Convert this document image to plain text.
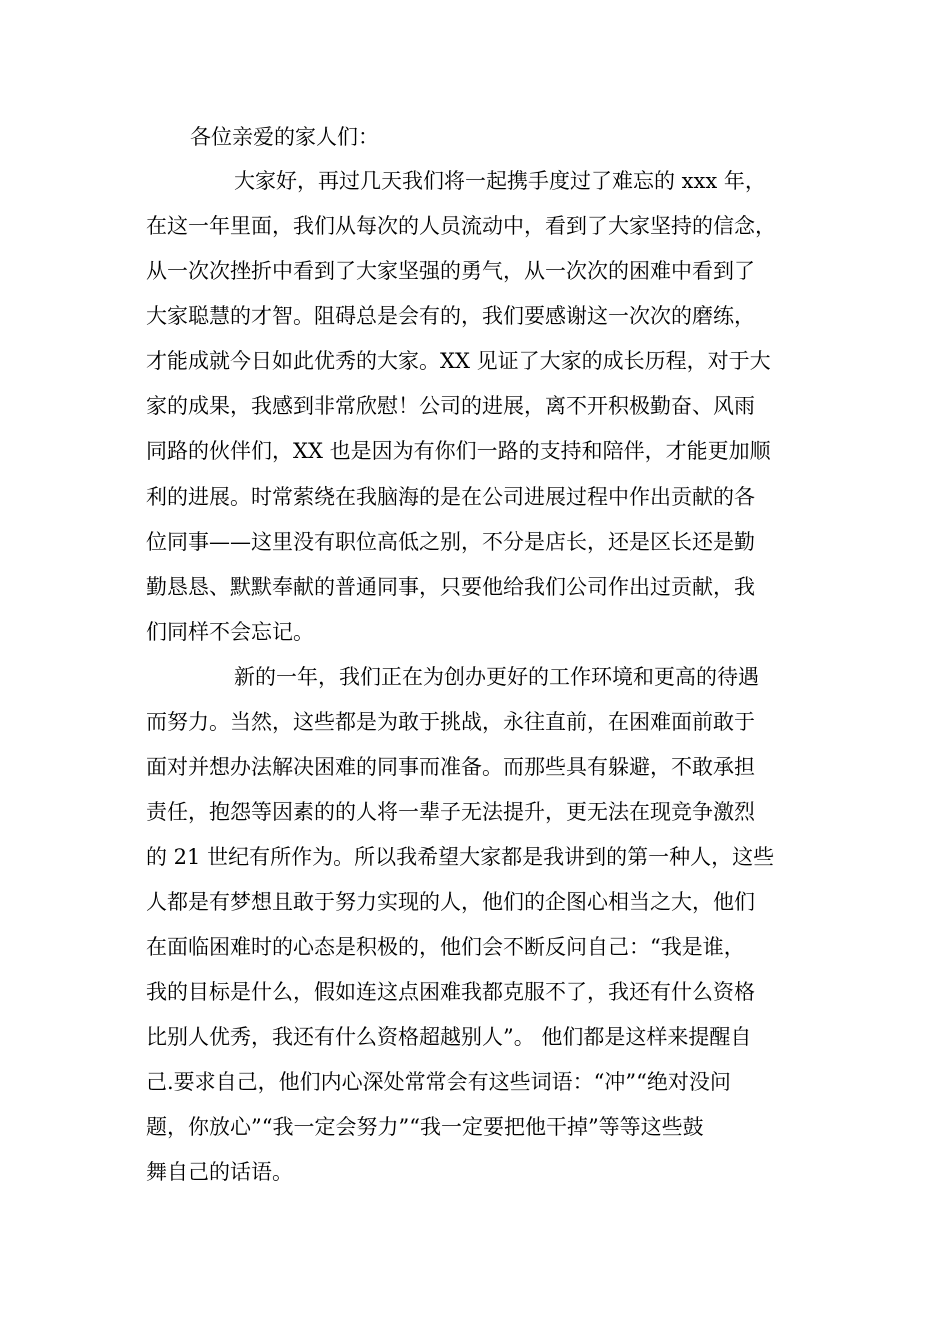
各位亲爱的家人们：
大家好，再过几天我们将一起携手度过了难忘的 xxx 年，
在这一年里面，我们从每次的人员流动中，看到了大家坚持的信念，
从一次次挫折中看到了大家坚强的勇气，从一次次的困难中看到了
大家聪慧的才智。阻碍总是会有的，我们要感谢这一次次的磨练，
才能成就今日如此优秀的大家。XX 见证了大家的成长历程，对于大
家的成果，我感到非常欣慰！公司的进展，离不开积极勤奋、风雨
同路的伙伴们，XX 也是因为有你们一路的支持和陪伴，才能更加顺
利的进展。时常萦绕在我脑海的是在公司进展过程中作出贡献的各
位同事——这里没有职位高低之别，不分是店长，还是区长还是勤
勤恳恳、默默奉献的普通同事，只要他给我们公司作出过贡献，我
们同样不会忘记。
新的一年，我们正在为创办更好的工作环境和更高的待遇
而努力。当然，这些都是为敢于挑战，永往直前，在困难面前敢于
面对并想办法解决困难的同事而准备。而那些具有躲避，不敢承担
责任，抱怨等因素的的人将一辈子无法提升，更无法在现竞争激烈
的 21 世纪有所作为。所以我希望大家都是我讲到的第一种人，这些
人都是有梦想且敢于努力实现的人，他们的企图心相当之大，他们
在面临困难时的心态是积极的，他们会不断反问自己：“我是谁，
我的目标是什么，假如连这点困难我都克服不了，我还有什么资格
比别人优秀，我还有什么资格超越别人”。 他们都是这样来提醒自
己.要求自己，他们内心深处常常会有这些词语：“冲”“绝对没问
题，你放心”“我一定会努力”“我一定要把他干掉”等等这些鼓
舞自己的话语。
